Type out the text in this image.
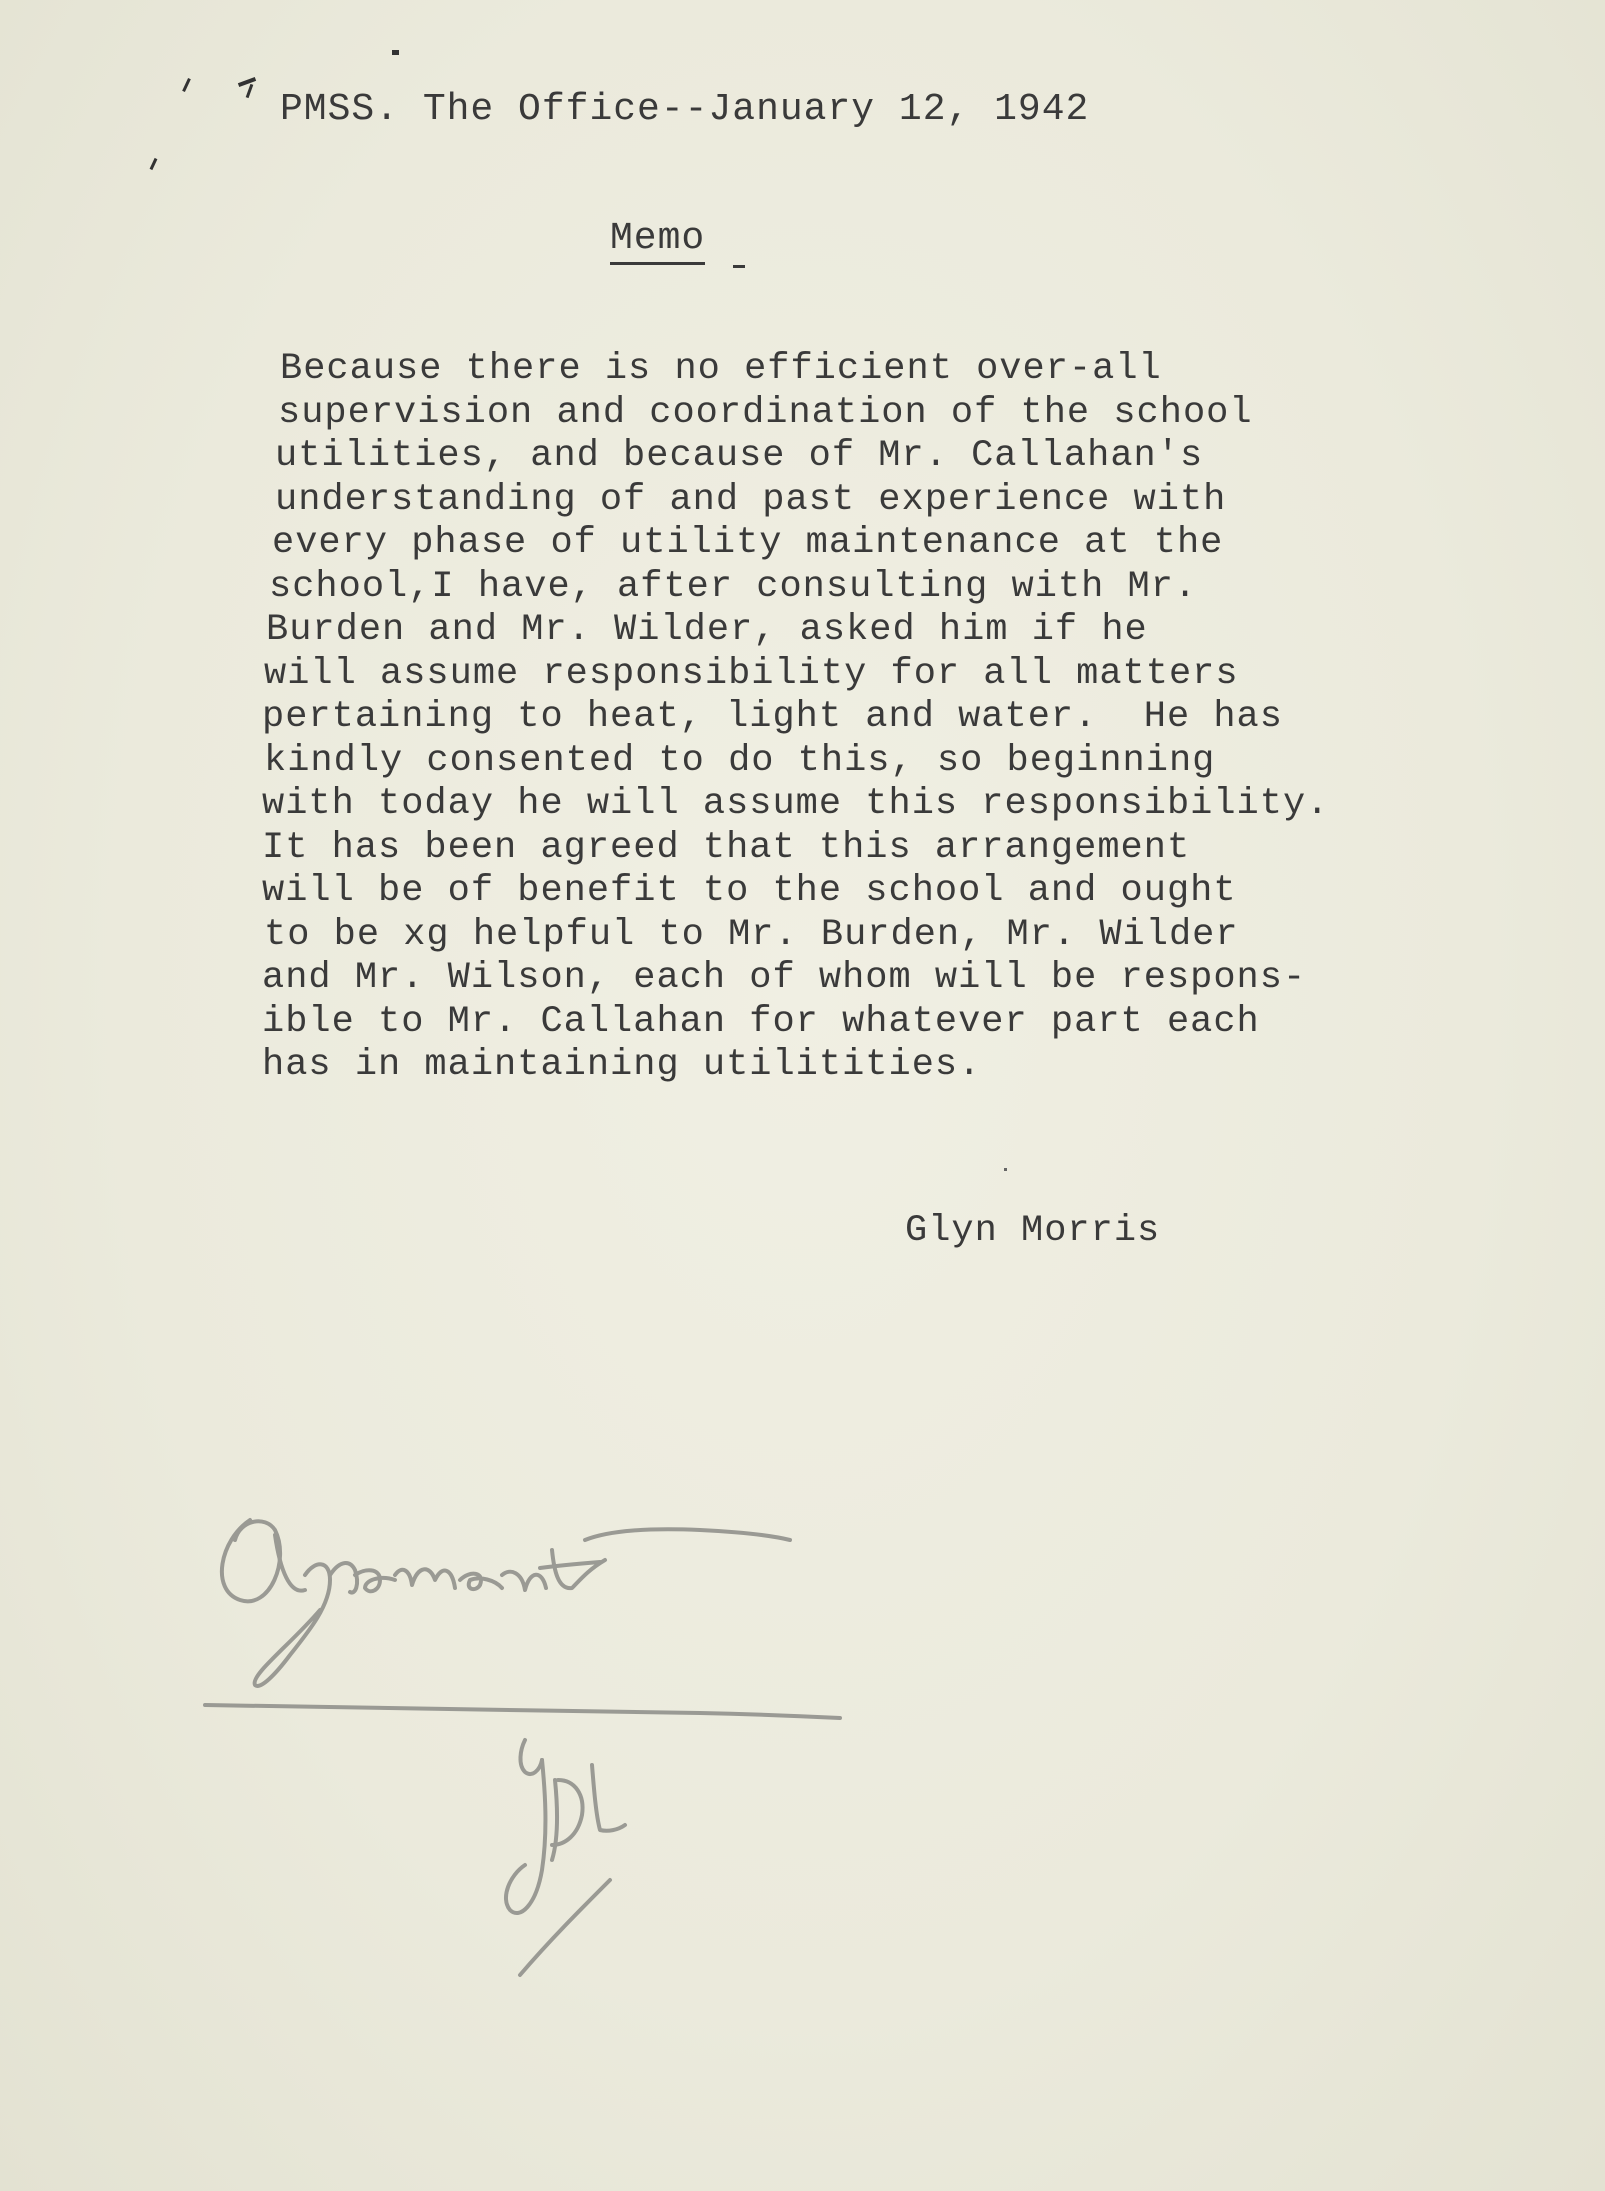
PMSS. The Office--January 12, 1942
Memo
Because there is no efficient over-all
supervision and coordination of the school
utilities, and because of Mr. Callahan's
understanding of and past experience with
every phase of utility maintenance at the
school,I have, after consulting with Mr.
Burden and Mr. Wilder, asked him if he
will assume responsibility for all matters
pertaining to heat, light and water.  He has
kindly consented to do this, so beginning
with today he will assume this responsibility.
It has been agreed that this arrangement
will be of benefit to the school and ought
to be xg helpful to Mr. Burden, Mr. Wilder
and Mr. Wilson, each of whom will be respons-
ible to Mr. Callahan for whatever part each
has in maintaining utilitities.
Glyn Morris
